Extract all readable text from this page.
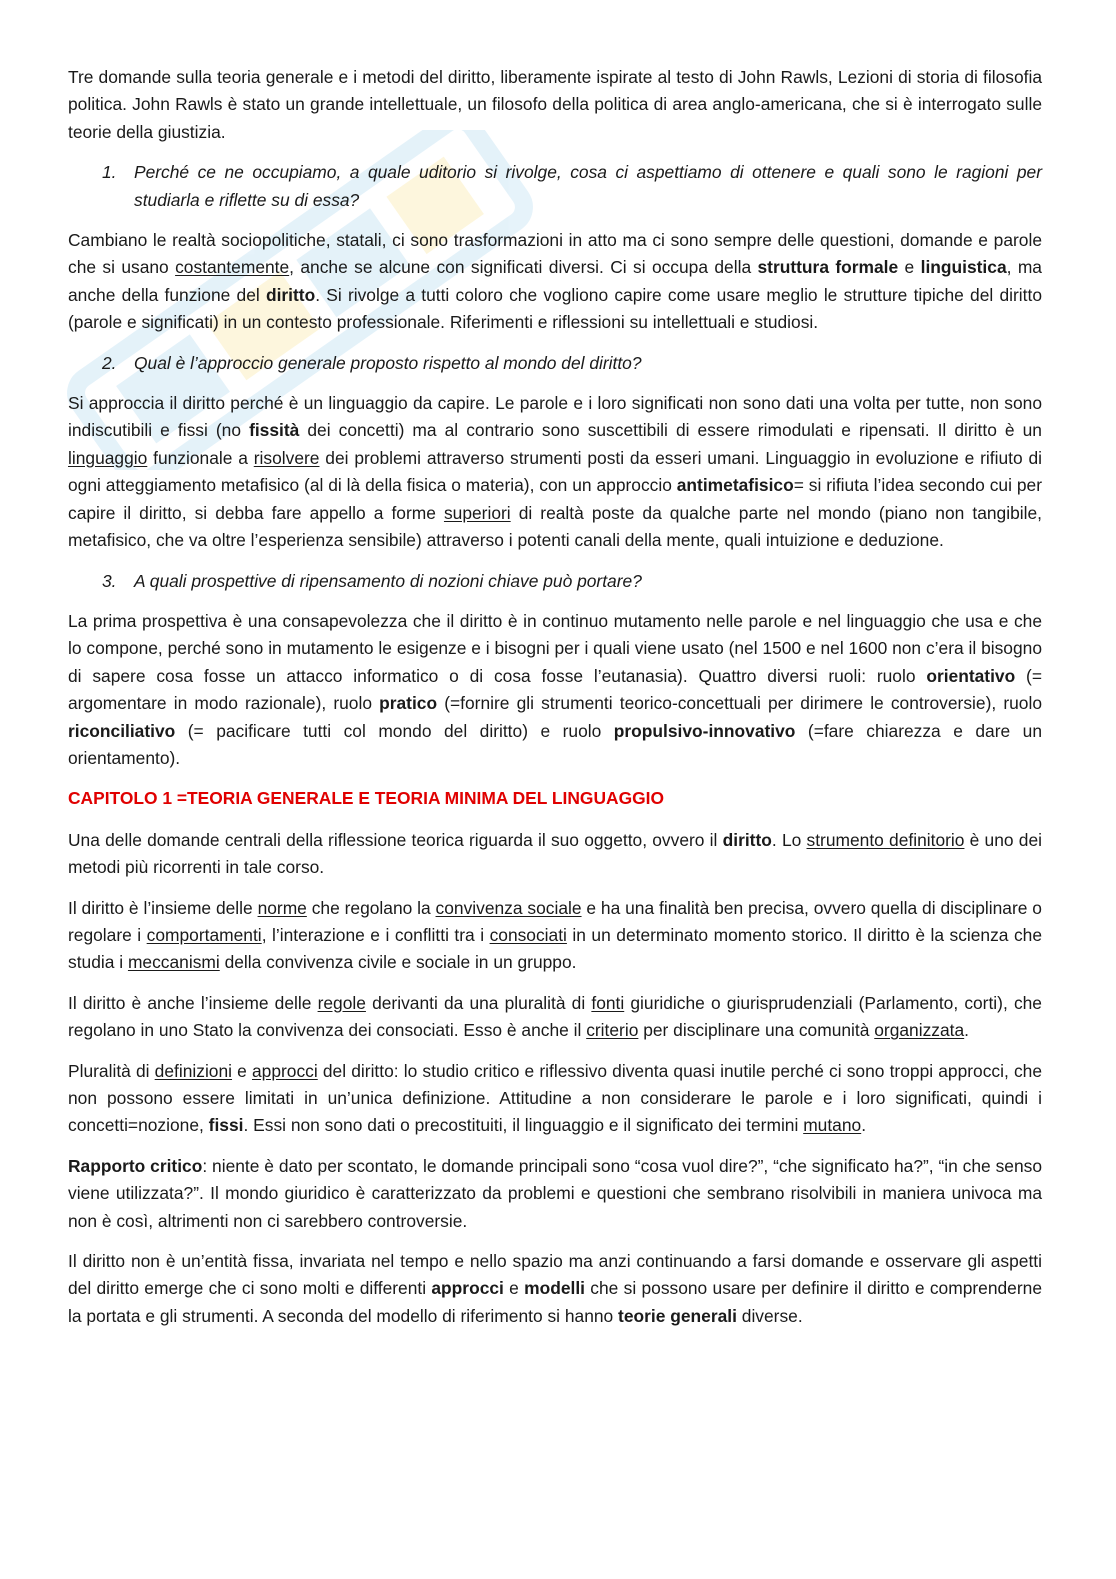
Tre domande sulla teoria generale e i metodi del diritto, liberamente ispirate al testo di John Rawls, Lezioni di storia di filosofia politica. John Rawls è stato un grande intellettuale, un filosofo della politica di area anglo-americana, che si è interrogato sulle teorie della giustizia.

1. Perché ce ne occupiamo, a quale uditorio si rivolge, cosa ci aspettiamo di ottenere e quali sono le ragioni per studiarla e riflette su di essa?

Cambiano le realtà sociopolitiche, statali, ci sono trasformazioni in atto ma ci sono sempre delle questioni, domande e parole che si usano costantemente, anche se alcune con significati diversi. Ci si occupa della struttura formale e linguistica, ma anche della funzione del diritto. Si rivolge a tutti coloro che vogliono capire come usare meglio le strutture tipiche del diritto (parole e significati) in un contesto professionale. Riferimenti e riflessioni su intellettuali e studiosi.

2. Qual è l’approccio generale proposto rispetto al mondo del diritto?

Si approccia il diritto perché è un linguaggio da capire. Le parole e i loro significati non sono dati una volta per tutte, non sono indiscutibili e fissi (no fissità dei concetti) ma al contrario sono suscettibili di essere rimodulati e ripensati. Il diritto è un linguaggio funzionale a risolvere dei problemi attraverso strumenti posti da esseri umani. Linguaggio in evoluzione e rifiuto di ogni atteggiamento metafisico (al di là della fisica o materia), con un approccio antimetafisico= si rifiuta l’idea secondo cui per capire il diritto, si debba fare appello a forme superiori di realtà poste da qualche parte nel mondo (piano non tangibile, metafisico, che va oltre l’esperienza sensibile) attraverso i potenti canali della mente, quali intuizione e deduzione.

3. A quali prospettive di ripensamento di nozioni chiave può portare?

La prima prospettiva è una consapevolezza che il diritto è in continuo mutamento nelle parole e nel linguaggio che usa e che lo compone, perché sono in mutamento le esigenze e i bisogni per i quali viene usato (nel 1500 e nel 1600 non c’era il bisogno di sapere cosa fosse un attacco informatico o di cosa fosse l’eutanasia). Quattro diversi ruoli: ruolo orientativo (= argomentare in modo razionale), ruolo pratico (=fornire gli strumenti teorico-concettuali per dirimere le controversie), ruolo riconciliativo (= pacificare tutti col mondo del diritto) e ruolo propulsivo-innovativo (=fare chiarezza e dare un orientamento).

CAPITOLO 1 =TEORIA GENERALE E TEORIA MINIMA DEL LINGUAGGIO

Una delle domande centrali della riflessione teorica riguarda il suo oggetto, ovvero il diritto. Lo strumento definitorio è uno dei metodi più ricorrenti in tale corso.

Il diritto è l’insieme delle norme che regolano la convivenza sociale e ha una finalità ben precisa, ovvero quella di disciplinare o regolare i comportamenti, l’interazione e i conflitti tra i consociati in un determinato momento storico. Il diritto è la scienza che studia i meccanismi della convivenza civile e sociale in un gruppo.

Il diritto è anche l’insieme delle regole derivanti da una pluralità di fonti giuridiche o giurisprudenziali (Parlamento, corti), che regolano in uno Stato la convivenza dei consociati. Esso è anche il criterio per disciplinare una comunità organizzata.

Pluralità di definizioni e approcci del diritto: lo studio critico e riflessivo diventa quasi inutile perché ci sono troppi approcci, che non possono essere limitati in un’unica definizione. Attitudine a non considerare le parole e i loro significati, quindi i concetti=nozione, fissi. Essi non sono dati o precostituiti, il linguaggio e il significato dei termini mutano.

Rapporto critico: niente è dato per scontato, le domande principali sono “cosa vuol dire?”, “che significato ha?”, “in che senso viene utilizzata?”. Il mondo giuridico è caratterizzato da problemi e questioni che sembrano risolvibili in maniera univoca ma non è così, altrimenti non ci sarebbero controversie.

Il diritto non è un’entità fissa, invariata nel tempo e nello spazio ma anzi continuando a farsi domande e osservare gli aspetti del diritto emerge che ci sono molti e differenti approcci e modelli che si possono usare per definire il diritto e comprenderne la portata e gli strumenti. A seconda del modello di riferimento si hanno teorie generali diverse.
